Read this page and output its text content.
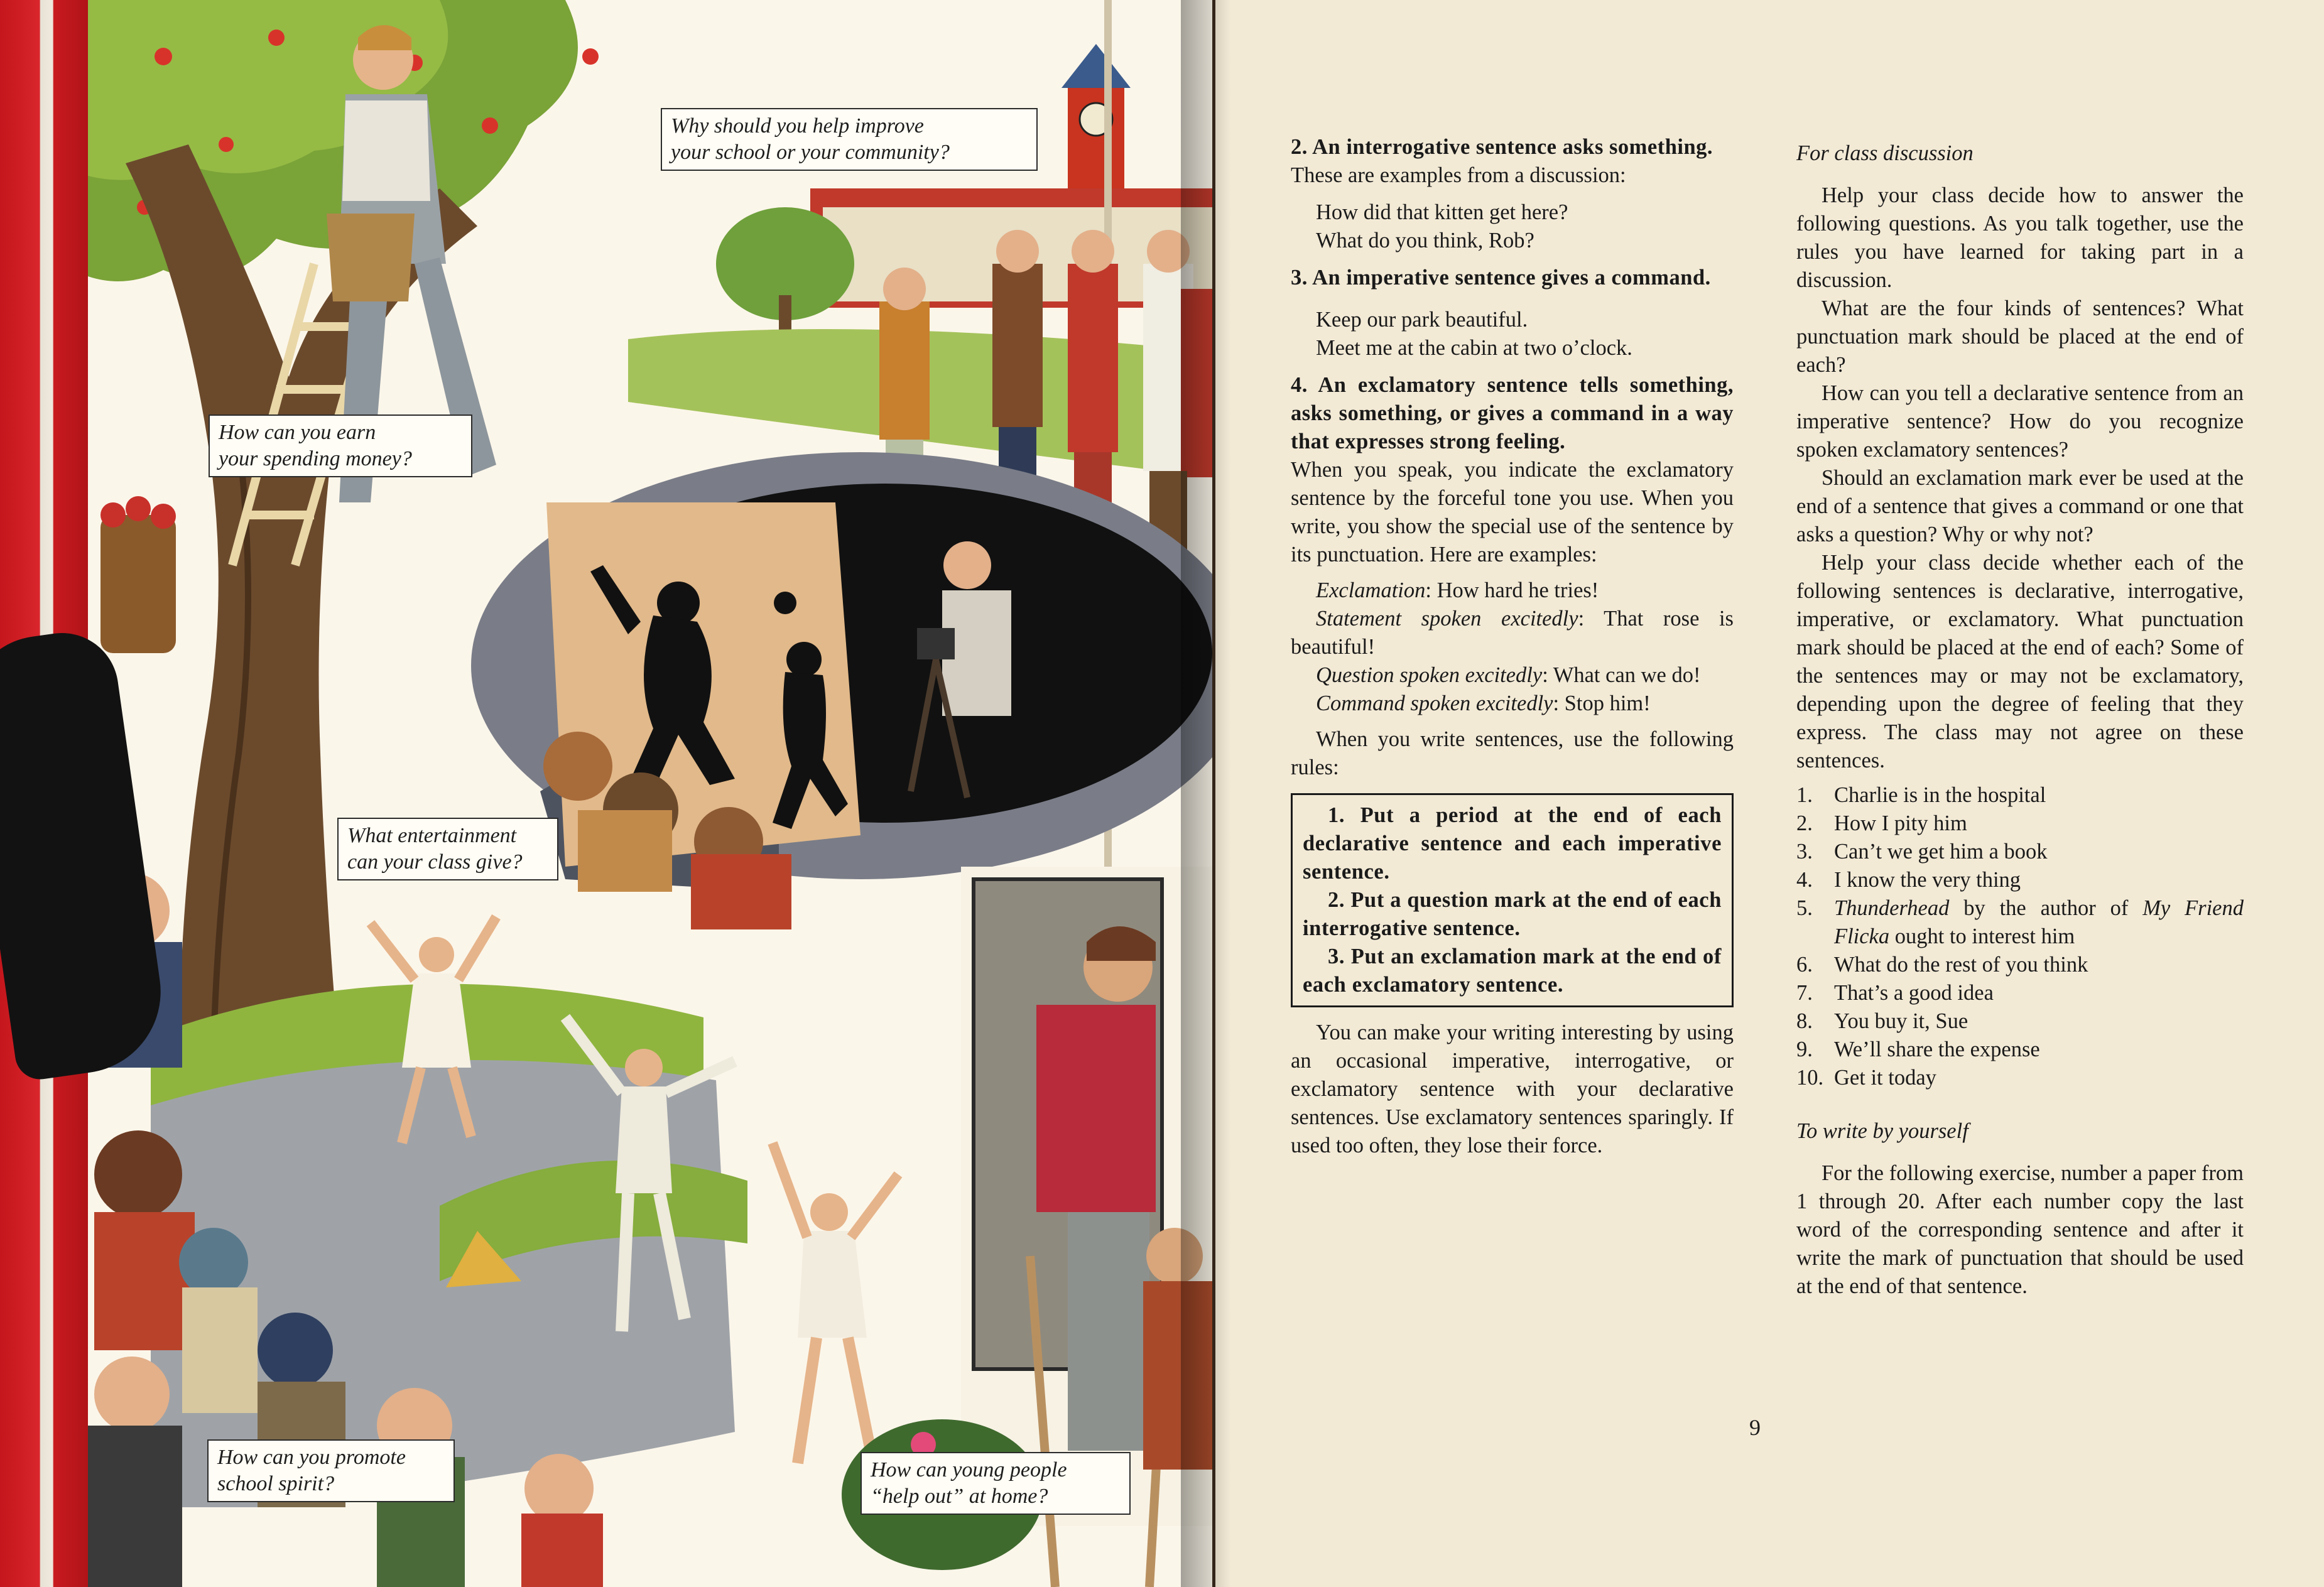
Why should you help improve
your school or your community?
How can you earn
your spending money?
What entertainment
can your class give?
How can you promote
school spirit?
How can young people
“help out” at home?

2. An interrogative sentence asks something.

These are examples from a discussion:

How did that kitten get here?

What do you think, Rob?

3. An imperative sentence gives a command.

Keep our park beautiful.

Meet me at the cabin at two o’clock.

4. An exclamatory sentence tells something, asks something, or gives a command in a way that expresses strong feeling.

When you speak, you indicate the exclamatory sentence by the forceful tone you use. When you write, you show the special use of the sentence by its punctuation. Here are examples:

Exclamation: How hard he tries!

Statement spoken excitedly: That rose is beautiful!

Question spoken excitedly: What can we do!

Command spoken excitedly: Stop him!

When you write sentences, use the following rules:

1. Put a period at the end of each declarative sentence and each imperative sentence.

2. Put a question mark at the end of each interrogative sentence.

3. Put an exclamation mark at the end of each exclamatory sentence.

You can make your writing interesting by using an occasional imperative, interrogative, or exclamatory sentence with your declarative sentences. Use exclamatory sentences sparingly. If used too often, they lose their force.

For class discussion

Help your class decide how to answer the following questions. As you talk together, use the rules you have learned for taking part in a discussion.

What are the four kinds of sentences? What punctuation mark should be placed at the end of each?

How can you tell a declarative sentence from an imperative sentence? How do you recognize spoken exclamatory sentences?

Should an exclamation mark ever be used at the end of a sentence that gives a command or one that asks a question? Why or why not?

Help your class decide whether each of the following sentences is declarative, interrogative, imperative, or exclamatory. What punctuation mark should be placed at the end of each? Some of the sentences may or may not be exclamatory, depending upon the degree of feeling that they express. The class may not agree on these sentences.

1. Charlie is in the hospital
2. How I pity him
3. Can’t we get him a book
4. I know the very thing
5. Thunderhead by the author of My Friend Flicka ought to interest him
6. What do the rest of you think
7. That’s a good idea
8. You buy it, Sue
9. We’ll share the expense
10. Get it today

To write by yourself

For the following exercise, number a paper from 1 through 20. After each number copy the last word of the corresponding sentence and after it write the mark of punctuation that should be used at the end of that sentence.

9
